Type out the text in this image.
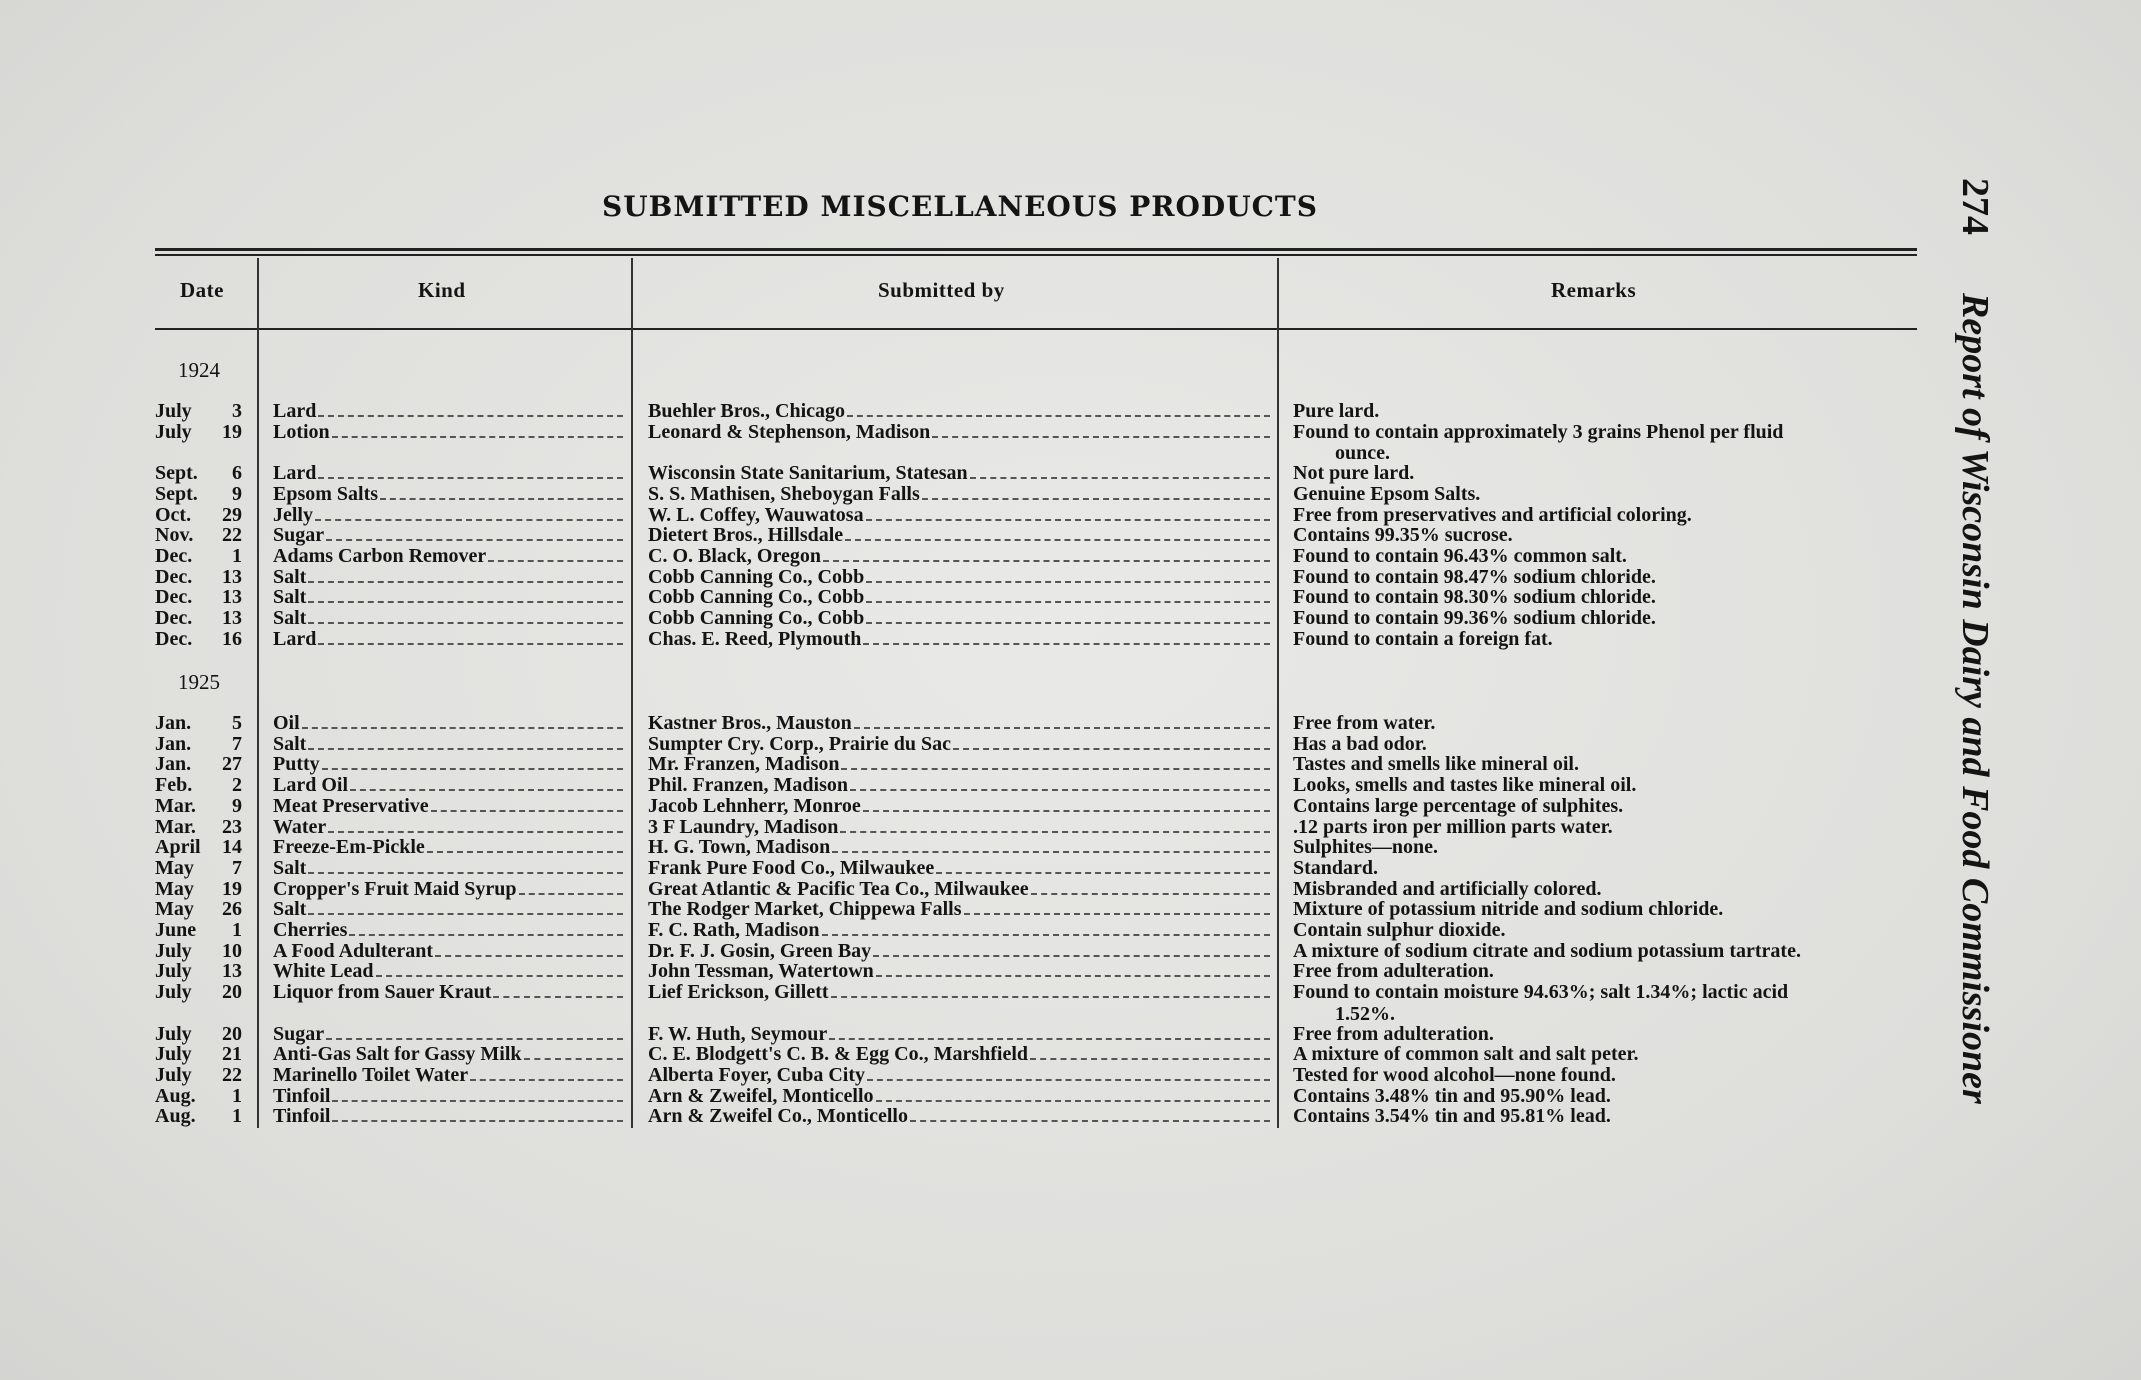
SUBMITTED MISCELLANEOUS PRODUCTS	274Report of Wisconsin Dairy and Food Commissioner
Date	Kind	Submitted by	Remarks
1924
1925
July 3 Lard	Buehler Bros., Chicago	Pure lard.
July 19 Lotion	Leonard & Stephenson, Madison	Found to contain approximately 3 grains Phenol per fluid
ounce.
Sept. 6 Lard	Wisconsin State Sanitarium, Statesan	Not pure lard.
Sept. 9 Epsom Salts	S. S. Mathisen, Sheboygan Falls	Genuine Epsom Salts.
Oct. 29 Jelly	W. L. Coffey, Wauwatosa	Free from preservatives and artificial coloring.
Nov. 22 Sugar	Dietert Bros., Hillsdale	Contains 99.35% sucrose.
Dec. 1 Adams Carbon Remover	C. O. Black, Oregon	Found to contain 96.43% common salt.
Dec. 13 Salt	Cobb Canning Co., Cobb	Found to contain 98.47% sodium chloride.
Dec. 13 Salt	Cobb Canning Co., Cobb	Found to contain 98.30% sodium chloride.
Dec. 13 Salt	Cobb Canning Co., Cobb	Found to contain 99.36% sodium chloride.
Dec. 16 Lard	Chas. E. Reed, Plymouth	Found to contain a foreign fat.
Jan. 5 Oil	Kastner Bros., Mauston	Free from water.
Jan. 7 Salt	Sumpter Cry. Corp., Prairie du Sac	Has a bad odor.
Jan. 27 Putty	Mr. Franzen, Madison	Tastes and smells like mineral oil.
Feb. 2 Lard Oil	Phil. Franzen, Madison	Looks, smells and tastes like mineral oil.
Mar. 9 Meat Preservative	Jacob Lehnherr, Monroe	Contains large percentage of sulphites.
Mar. 23 Water	3 F Laundry, Madison	.12 parts iron per million parts water.
April 14 Freeze-Em-Pickle	H. G. Town, Madison	Sulphites—none.
May 7 Salt	Frank Pure Food Co., Milwaukee	Standard.
May 19 Cropper's Fruit Maid Syrup	Great Atlantic & Pacific Tea Co., Milwaukee	Misbranded and artificially colored.
May 26 Salt	The Rodger Market, Chippewa Falls	Mixture of potassium nitride and sodium chloride.
June 1 Cherries	F. C. Rath, Madison	Contain sulphur dioxide.
July 10 A Food Adulterant	Dr. F. J. Gosin, Green Bay	A mixture of sodium citrate and sodium potassium tartrate.
July 13 White Lead	John Tessman, Watertown	Free from adulteration.
July 20 Liquor from Sauer Kraut	Lief Erickson, Gillett	Found to contain moisture 94.63%; salt 1.34%; lactic acid
1.52%.
July 20 Sugar	F. W. Huth, Seymour	Free from adulteration.
July 21 Anti-Gas Salt for Gassy Milk	C. E. Blodgett's C. B. & Egg Co., Marshfield	A mixture of common salt and salt peter.
July 22 Marinello Toilet Water	Alberta Foyer, Cuba City	Tested for wood alcohol—none found.
Aug. 1 Tinfoil	Arn & Zweifel, Monticello	Contains 3.48% tin and 95.90% lead.
Aug. 1 Tinfoil	Arn & Zweifel Co., Monticello	Contains 3.54% tin and 95.81% lead.
